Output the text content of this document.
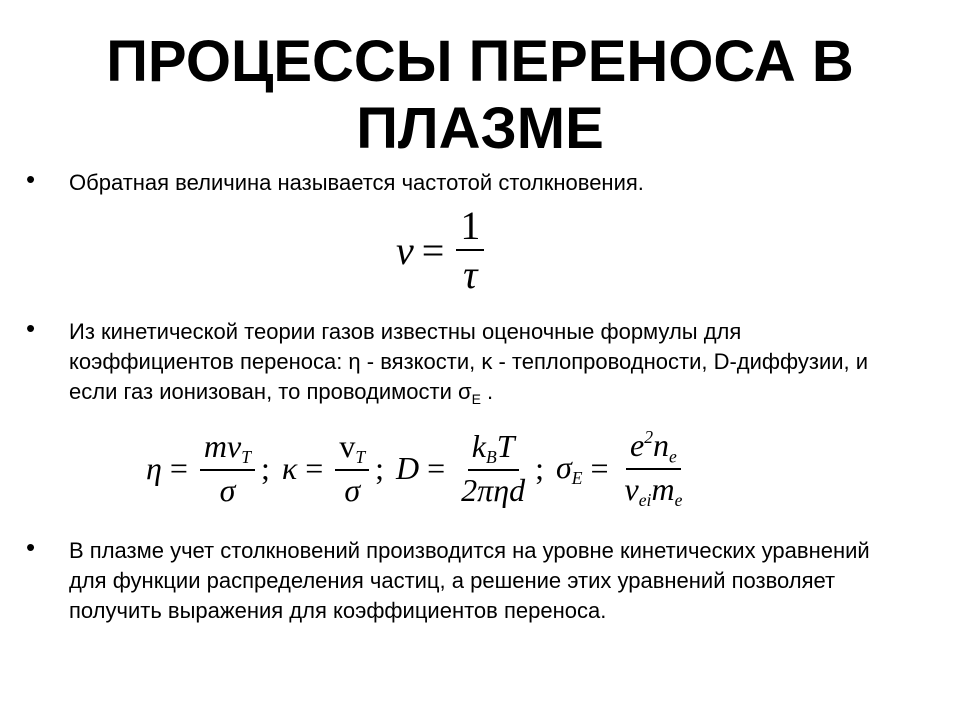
ПРОЦЕССЫ ПЕРЕНОСА В ПЛАЗМЕ
• Обратная величина называется частотой столкновения.
$\nu = \frac{1}{\tau}$
• Из кинетической теории газов известны оценочные формулы для коэффициентов переноса: η - вязкости, κ - теплопроводности, D-диффузии, и если газ ионизован, то проводимости $\sigma_E$ .
$\eta = \frac{\text{mvT}}{\sigma}$ ; $\kappa = \frac{vT}{\sigma}$ ; $D = \frac{\text{kBT}}{\text{2πηd}}$ ; $\sigma E = \frac{e^2ne}{\text{νeime}}$
• В плазме учет столкновений производится на уровне кинетических уравнений для функции распределения частиц, а решение этих уравнений позволяет получить выражения для коэффициентов переноса.
